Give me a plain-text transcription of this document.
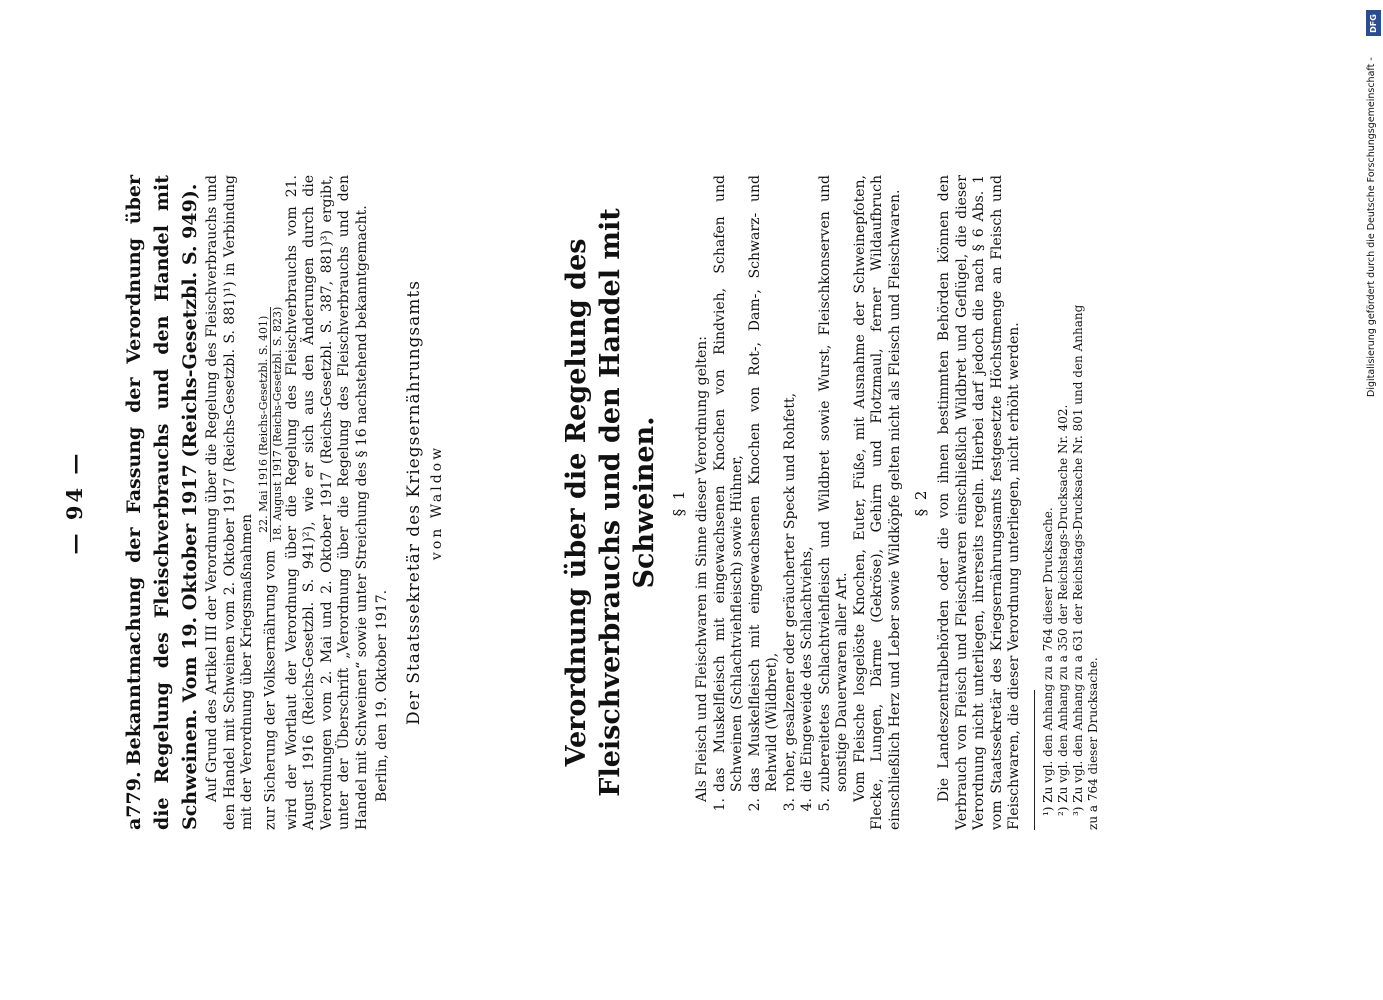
— 94 —
a779.Bekanntmachung der Fassung der Verordnung über die Regelung des Fleischverbrauchs und den Handel mit Schweinen. Vom 19. Oktober 1917 (Reichs-Gesetzbl. S. 949). Auf Grund des Artikel III der Verordnung über die Regelung des Fleischverbrauchs und den Handel mit Schweinen vom 2. Oktober 1917 (Reichs-Gesetzbl. S. 881)¹) in Verbindung mit der Verordnung über Kriegsmaßnahmen zur Sicherung der Volksernährung vom
22. Mai 1916 (Reichs-Gesetzbl. S. 401) 18. August 1917 (Reichs-Gesetzbl. S. 823) wird der Wortlaut der Verordnung über die Regelung des Fleischverbrauchs vom 21. August 1916 (Reichs-Gesetzbl. S. 941)²), wie er sich aus den Änderungen durch die Verordnungen vom 2. Mai und 2. Oktober 1917 (Reichs-Gesetzbl. S. 387, 881)³) ergibt, unter der Überschrift „Verordnung über die Regelung des Fleischverbrauchs und den Handel mit Schweinen“ sowie unter Streichung des § 16 nachstehend bekanntgemacht. Berlin, den 19. Oktober 1917. Der Staatssekretär des Kriegsernährungsamts von Waldow	Verordnung über die Regelung des Fleischverbrauchs und den Handel mit Schweinen. § 1 Als Fleisch und Fleischwaren im Sinne dieser Verordnung gelten:

1.
das Muskelfleisch mit eingewachsenen Knochen von Rindvieh, Schafen und Schweinen (Schlachtviehfleisch) sowie Hühner,
2.
das Muskelfleisch mit eingewachsenen Knochen von Rot-, Dam-, Schwarz- und Rehwild (Wildbret),
3.
roher, gesalzener oder geräucherter Speck und Rohfett,
4.
die Eingeweide des Schlachtviehs,
5.
zubereitetes Schlachtviehfleisch und Wildbret sowie Wurst, Fleischkonserven und sonstige Dauerwaren aller Art. Vom Fleische losgelöste Knochen, Euter, Füße, mit Ausnahme der Schweinepfoten, Flecke, Lungen, Därme (Gekröse), Gehirn und Flotzmaul, ferner Wildaufbruch einschließlich Herz und Leber sowie Wildköpfe gelten nicht als Fleisch und Fleischwaren. § 2 Die Landeszentralbehörden oder die von ihnen bestimmten Behörden können den Verbrauch von Fleisch und Fleischwaren einschließlich Wildbret und Geflügel, die dieser Verordnung nicht unterliegen, ihrerseits regeln. Hierbei darf jedoch die nach § 6 Abs. 1 vom Staatssekretär des Kriegsernährungsamts festgesetzte Höchstmenge an Fleisch und Fleischwaren, die dieser Verordnung unterliegen, nicht erhöht werden. ¹) Zu vgl. den Anhang zu a 764 dieser Drucksache. ²) Zu vgl. den Anhang zu a 350 der Reichstags-Drucksache Nr. 402. ³) Zu vgl. den Anhang zu a 631 der Reichstags-Drucksache Nr. 801 und den Anhang zu a 764 dieser Drucksache.
DFG
Digitalisierung gefördert durch die Deutsche Forschungsgemeinschaft -
